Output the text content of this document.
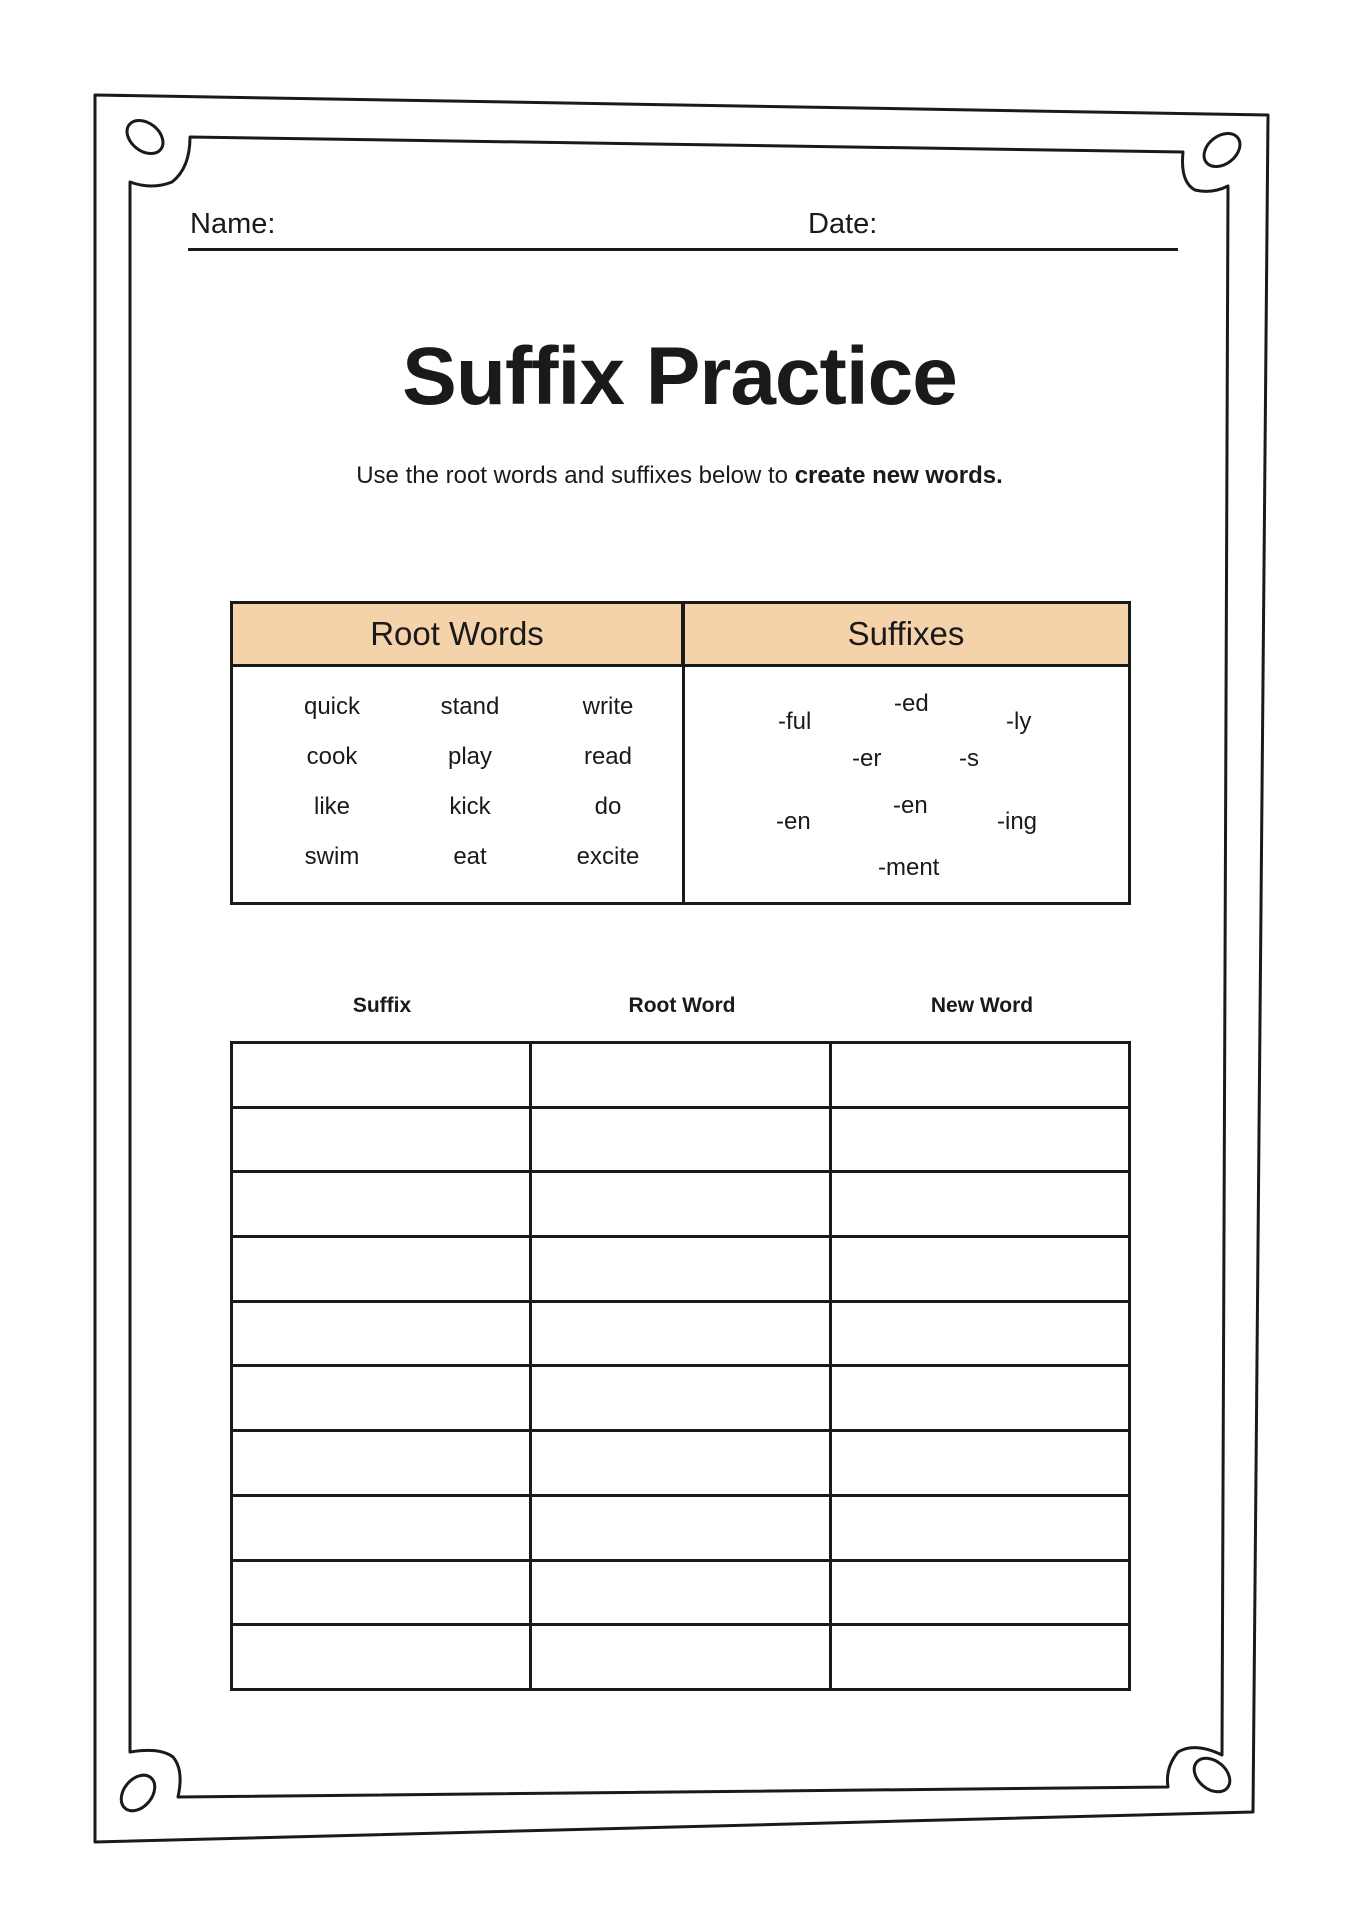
Name:	Date:
Suffix Practice
Use the root words and suffixes below to create new words.
Root Words	Suffixes
quick	stand	write
cook	play	read
like	kick	do
swim	eat	excite
-ful
-ed
-ly
-er	-s
-en
-en
-ing
-ment
Suffix	Root Word	New Word
